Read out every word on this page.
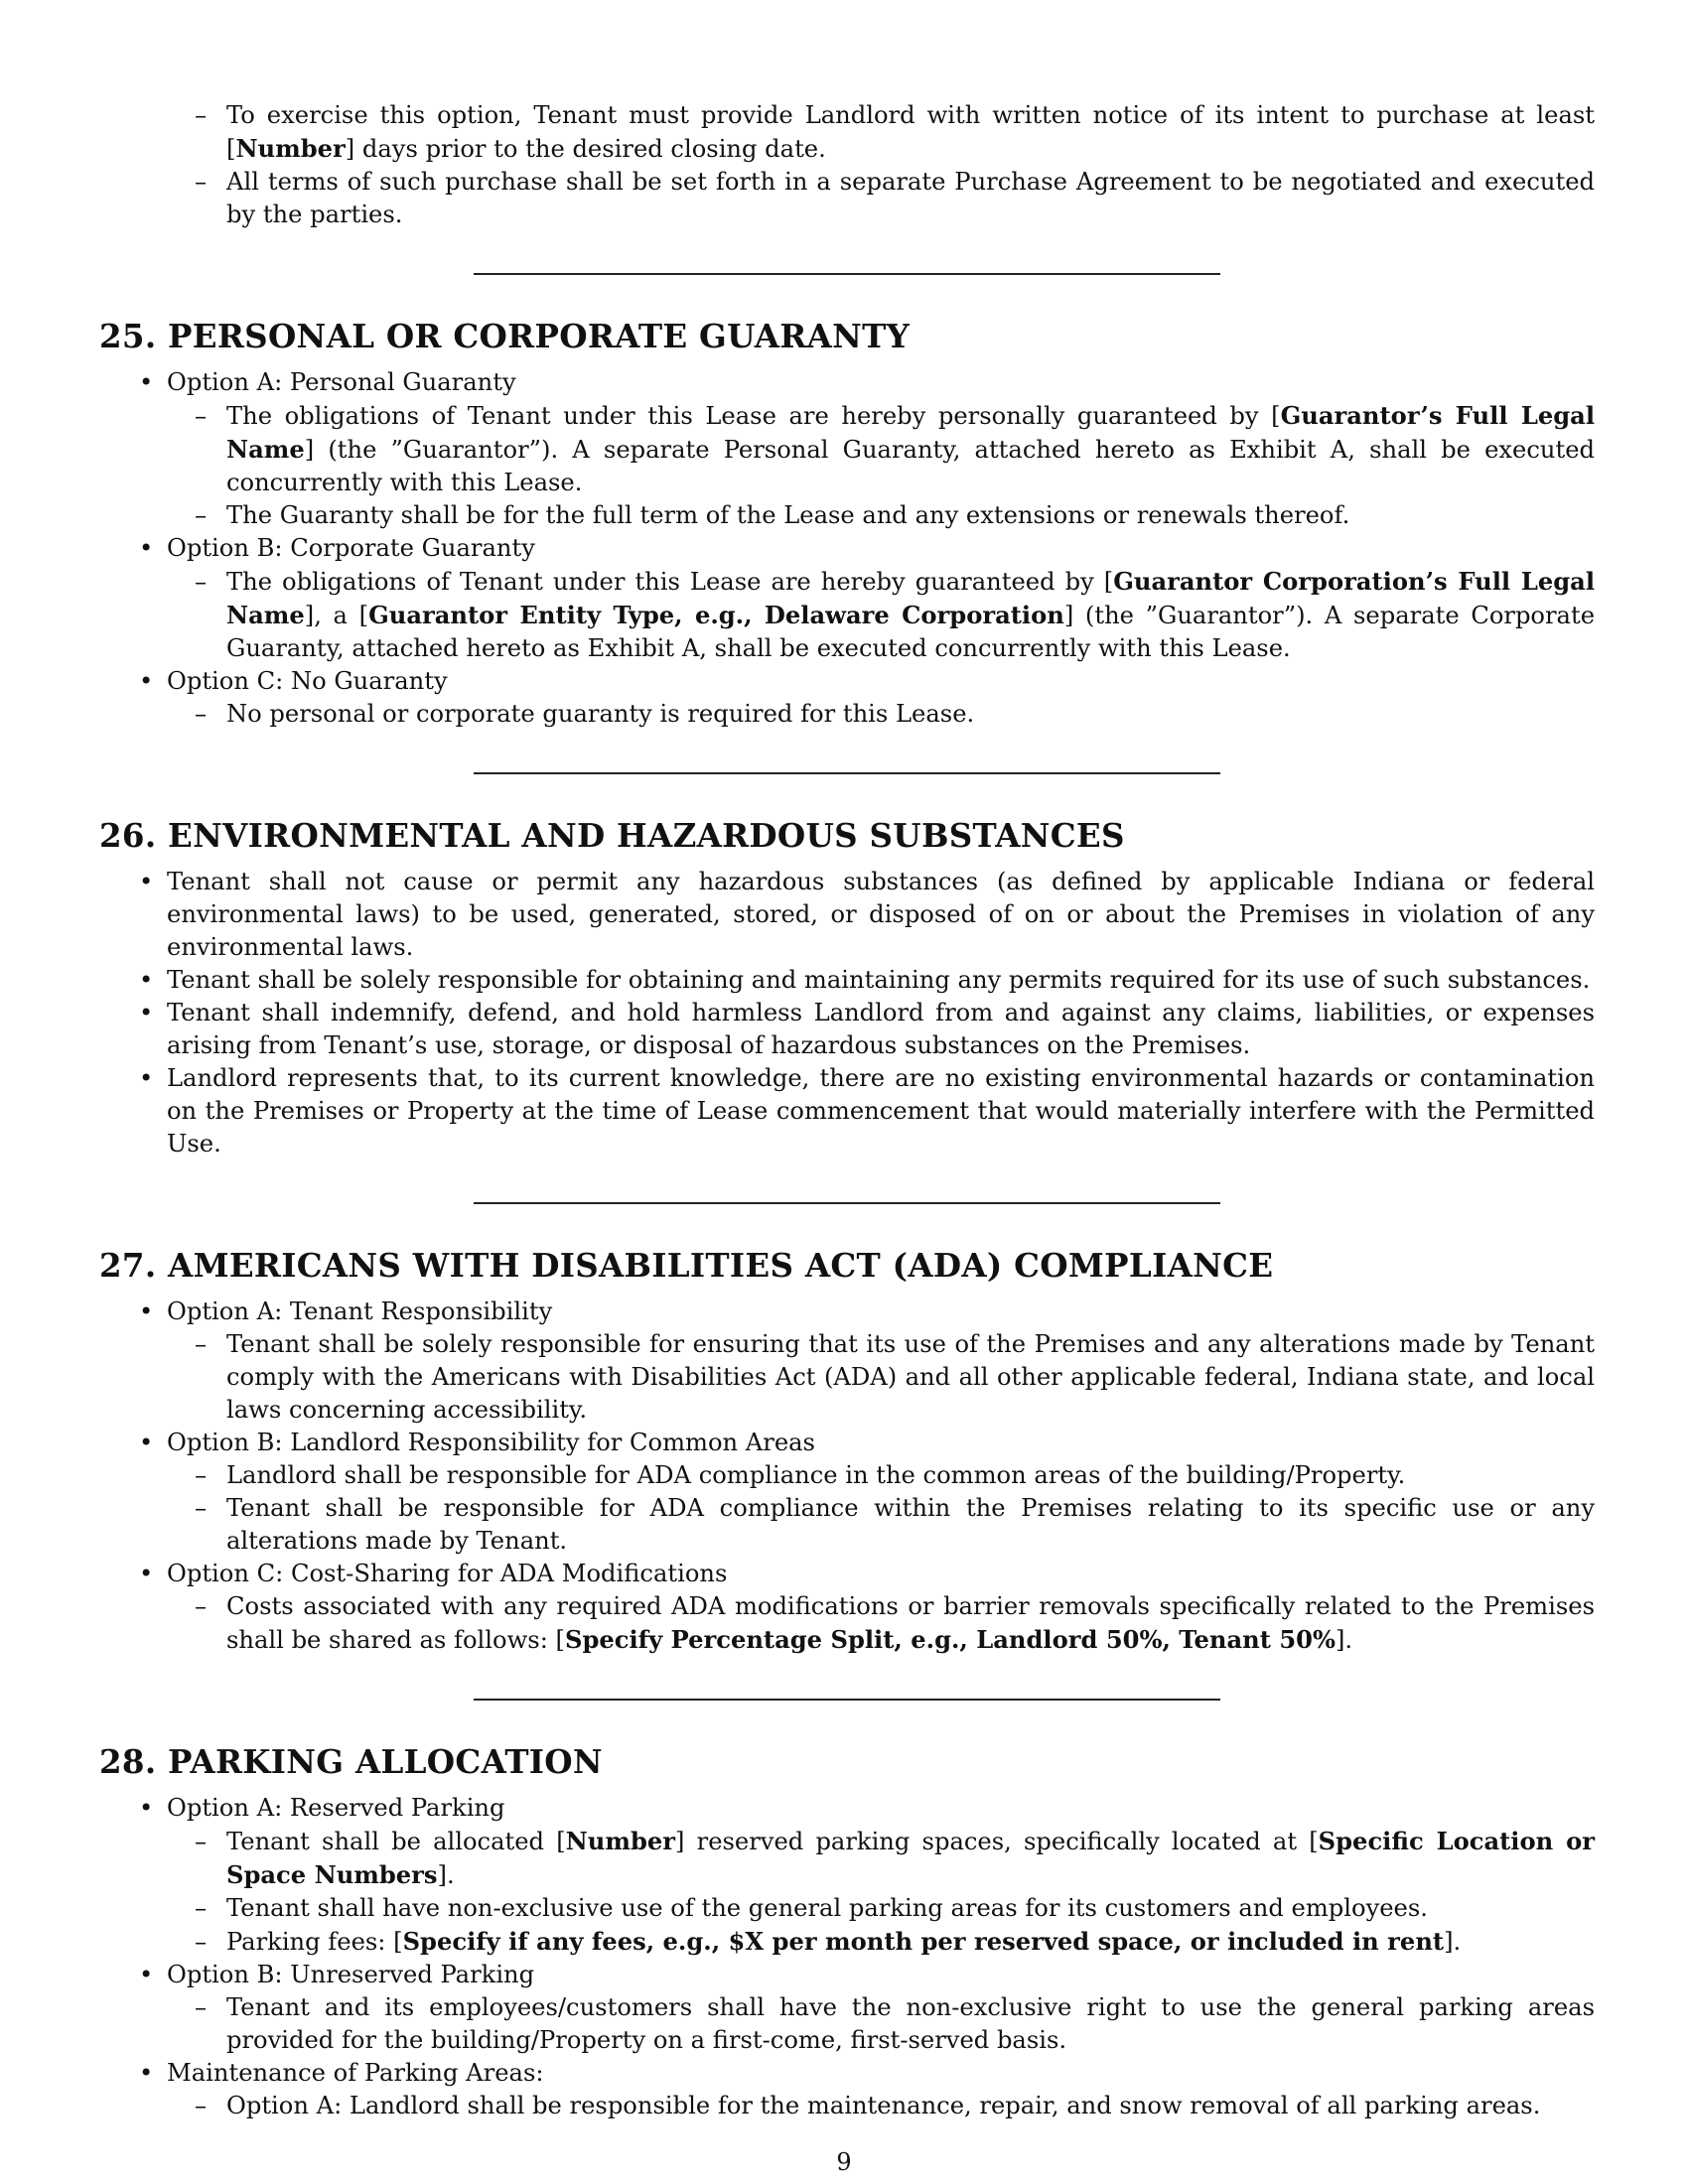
– To exercise this option, Tenant must provide Landlord with written notice of its intent to purchase at least [Number] days prior to the desired closing date.
– All terms of such purchase shall be set forth in a separate Purchase Agreement to be negotiated and executed by the parties.
25. PERSONAL OR CORPORATE GUARANTY
• Option A: Personal Guaranty
– The obligations of Tenant under this Lease are hereby personally guaranteed by [Guarantor’s Full Legal Name] (the ”Guarantor”). A separate Personal Guaranty, attached hereto as Exhibit A, shall be executed concurrently with this Lease.
– The Guaranty shall be for the full term of the Lease and any extensions or renewals thereof.
• Option B: Corporate Guaranty
– The obligations of Tenant under this Lease are hereby guaranteed by [Guarantor Corporation’s Full Legal Name], a [Guarantor Entity Type, e.g., Delaware Corporation] (the ”Guarantor”). A separate Corporate Guaranty, attached hereto as Exhibit A, shall be executed concurrently with this Lease.
• Option C: No Guaranty
– No personal or corporate guaranty is required for this Lease.
26. ENVIRONMENTAL AND HAZARDOUS SUBSTANCES
• Tenant shall not cause or permit any hazardous substances (as defined by applicable Indiana or federal environmental laws) to be used, generated, stored, or disposed of on or about the Premises in violation of any environmental laws.
• Tenant shall be solely responsible for obtaining and maintaining any permits required for its use of such substances.
• Tenant shall indemnify, defend, and hold harmless Landlord from and against any claims, liabilities, or expenses arising from Tenant’s use, storage, or disposal of hazardous substances on the Premises.
• Landlord represents that, to its current knowledge, there are no existing environmental hazards or contamination on the Premises or Property at the time of Lease commencement that would materially interfere with the Permitted Use.
27. AMERICANS WITH DISABILITIES ACT (ADA) COMPLIANCE
• Option A: Tenant Responsibility
– Tenant shall be solely responsible for ensuring that its use of the Premises and any alterations made by Tenant comply with the Americans with Disabilities Act (ADA) and all other applicable federal, Indiana state, and local laws concerning accessibility.
• Option B: Landlord Responsibility for Common Areas
– Landlord shall be responsible for ADA compliance in the common areas of the building/Property.
– Tenant shall be responsible for ADA compliance within the Premises relating to its specific use or any alterations made by Tenant.
• Option C: Cost-Sharing for ADA Modifications
– Costs associated with any required ADA modifications or barrier removals specifically related to the Premises shall be shared as follows: [Specify Percentage Split, e.g., Landlord 50%, Tenant 50%].
28. PARKING ALLOCATION
• Option A: Reserved Parking
– Tenant shall be allocated [Number] reserved parking spaces, specifically located at [Specific Location or Space Numbers].
– Tenant shall have non-exclusive use of the general parking areas for its customers and employees.
– Parking fees: [Specify if any fees, e.g., $X per month per reserved space, or included in rent].
• Option B: Unreserved Parking
– Tenant and its employees/customers shall have the non-exclusive right to use the general parking areas provided for the building/Property on a first-come, first-served basis.
• Maintenance of Parking Areas:
– Option A: Landlord shall be responsible for the maintenance, repair, and snow removal of all parking areas.
9
